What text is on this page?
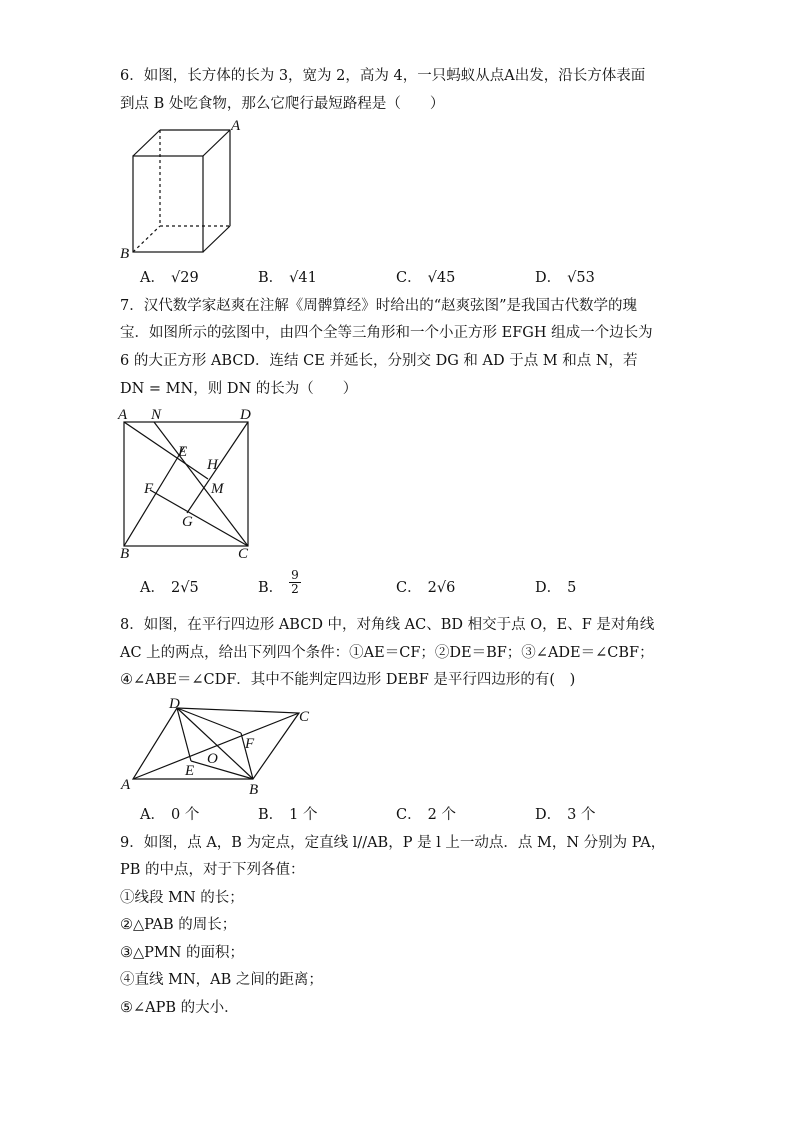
6．如图，长方体的长为 3，宽为 2，高为 4，一只蚂蚁从点A出发，沿长方体表面
到点 B 处吃食物，那么它爬行最短路程是（　　）
A
B
A． √29	B． √41	C． √45	D． √53
7．汉代数学家赵爽在注解《周髀算经》时给出的“赵爽弦图”是我国古代数学的瑰
宝．如图所示的弦图中，由四个全等三角形和一个小正方形 EFGH 组成一个边长为
6 的大正方形 ABCD．连结 CE 并延长，分别交 DG 和 AD 于点 M 和点 N，若
DN = MN，则 DN 的长为（　　）
A N	D
E
H
F	M
G
B	C
A． 2√5	B． $\frac{9}{2}$	C． 2√6	D． 5
8．如图，在平行四边形 ABCD 中，对角线 AC、BD 相交于点 O，E、F 是对角线
AC 上的两点，给出下列四个条件：①AE＝CF；②DE＝BF；③∠ADE＝∠CBF；
④∠ABE＝∠CDF．其中不能判定四边形 DEBF 是平行四边形的有(　)
D
C
F
O
E
A	B
A． 0 个	B． 1 个	C． 2 个	D． 3 个
9．如图，点 A，B 为定点，定直线 l//AB，P 是 l 上一动点．点 M，N 分别为 PA，
PB 的中点，对于下列各值：
①线段 MN 的长；
②△PAB 的周长；
③△PMN 的面积；
④直线 MN，AB 之间的距离；
⑤∠APB 的大小．
